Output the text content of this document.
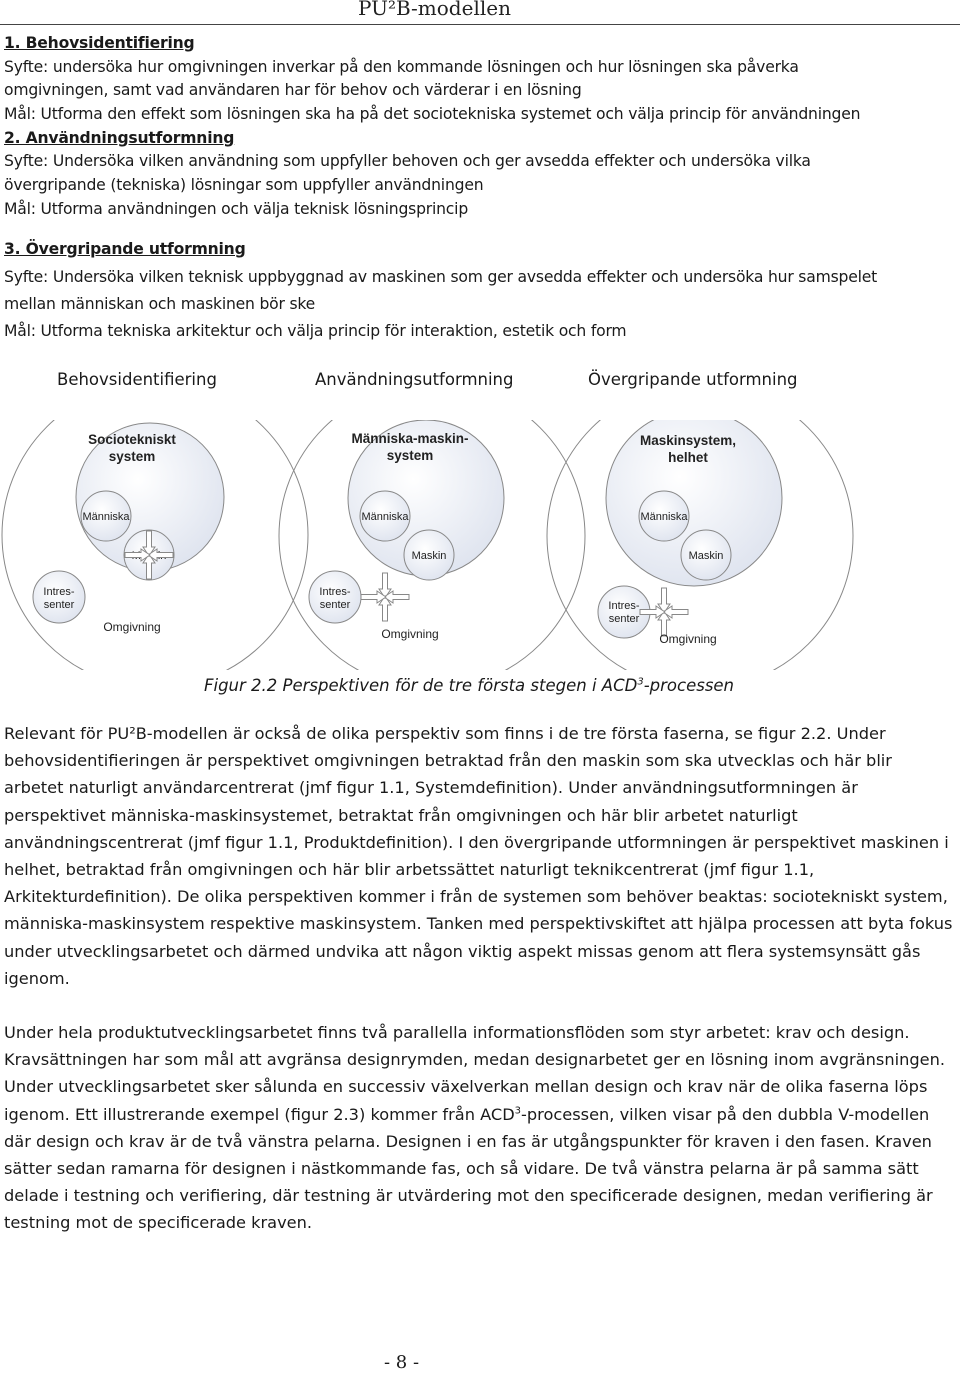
PU²B-modellen
1. Behovsidentifiering
Syfte: undersöka hur omgivningen inverkar på den kommande lösningen och hur lösningen ska påverka
omgivningen, samt vad användaren har för behov och värderar i en lösning
Mål: Utforma den effekt som lösningen ska ha på det sociotekniska systemet och välja princip för användningen
2. Användningsutformning
Syfte: Undersöka vilken användning som uppfyller behoven och ger avsedda effekter och undersöka vilka
övergripande (tekniska) lösningar som uppfyller användningen
Mål: Utforma användningen och välja teknisk lösningsprincip
3. Övergripande utformning
Syfte: Undersöka vilken teknisk uppbyggnad av maskinen som ger avsedda effekter och undersöka hur samspelet
mellan människan och maskinen bör ske
Mål: Utforma tekniska arkitektur och välja princip för interaktion, estetik och form
Behovsidentifiering	Användningsutformning	Övergripande utformning
Sociotekniskt
system
Människa
Intres-
senter
Omgivning
Människa-maskin-
system
Människa
Maskin
Intres-
senter
Omgivning
Maskinsystem,
helhet
Människa
Maskin
Intres-
senter
Omgivning
Figur 2.2 Perspektiven för de tre första stegen i ACD$^3$-processen
Relevant för PU²B-modellen är också de olika perspektiv som finns i de tre första faserna, se figur 2.2. Under behovsidentifieringen är perspektivet omgivningen betraktad från den maskin som ska utvecklas och här blir arbetet naturligt användarcentrerat (jmf figur 1.1, Systemdefinition). Under användningsutformningen är perspektivet människa-maskinsystemet, betraktat från omgivningen och här blir arbetet naturligt användningscentrerat (jmf figur 1.1, Produktdefinition). I den övergripande utformningen är perspektivet maskinen i helhet, betraktad från omgivningen och här blir arbetssättet naturligt teknikcentrerat (jmf figur 1.1, Arkitekturdefinition). De olika perspektiven kommer i från de systemen som behöver beaktas: sociotekniskt system, människa-maskinsystem respektive maskinsystem. Tanken med perspektivskiftet att hjälpa processen att byta fokus under utvecklingsarbetet och därmed undvika att någon viktig aspekt missas genom att flera systemsynsätt gås igenom.
Under hela produktutvecklingsarbetet finns två parallella informationsflöden som styr arbetet: krav och design. Kravsättningen har som mål att avgränsa designrymden, medan designarbetet ger en lösning inom avgränsningen. Under utvecklingsarbetet sker sålunda en successiv växelverkan mellan design och krav när de olika faserna löps igenom. Ett illustrerande exempel (figur 2.3) kommer från ACD$^3$-processen, vilken visar på den dubbla V-modellen där design och krav är de två vänstra pelarna. Designen i en fas är utgångspunkter för kraven i den fasen. Kraven sätter sedan ramarna för designen i nästkommande fas, och så vidare. De två vänstra pelarna är på samma sätt delade i testning och verifiering, där testning är utvärdering mot den specificerade designen, medan verifiering är testning mot de specificerade kraven.
- 8 -
